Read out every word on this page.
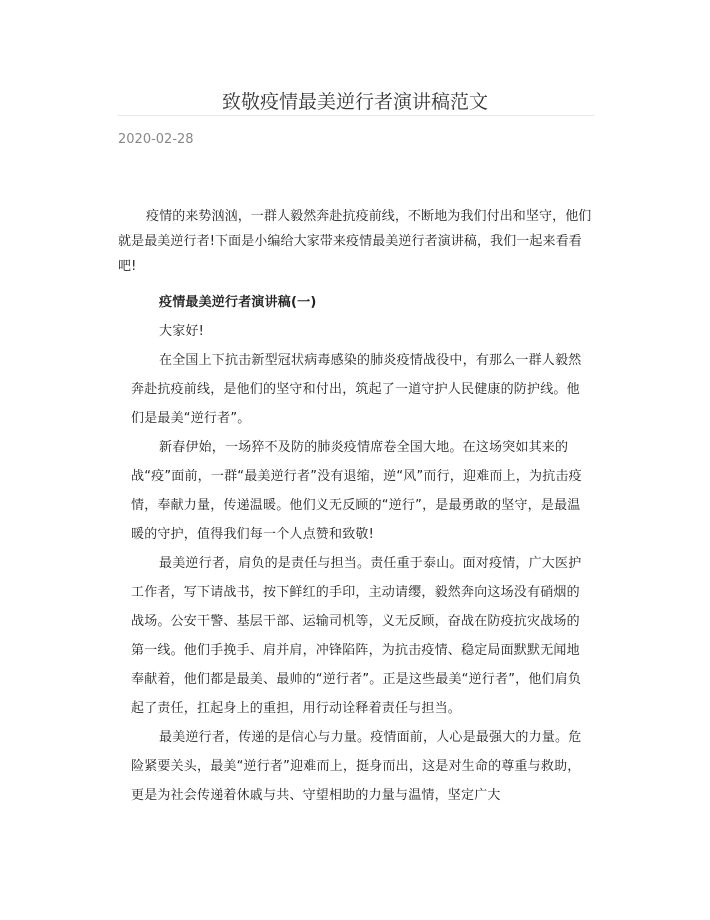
致敬疫情最美逆行者演讲稿范文
2020-02-28

疫情的来势汹汹，一群人毅然奔赴抗疫前线，不断地为我们付出和坚守，他们就是最美逆行者!下面是小编给大家带来疫情最美逆行者演讲稿，我们一起来看看吧!

疫情最美逆行者演讲稿(一)

大家好!

在全国上下抗击新型冠状病毒感染的肺炎疫情战役中，有那么一群人毅然奔赴抗疫前线，是他们的坚守和付出，筑起了一道守护人民健康的防护线。他们是最美“逆行者”。

新春伊始，一场猝不及防的肺炎疫情席卷全国大地。在这场突如其来的战“疫”面前，一群“最美逆行者”没有退缩，逆“风”而行，迎难而上，为抗击疫情，奉献力量，传递温暖。他们义无反顾的“逆行”，是最勇敢的坚守，是最温暖的守护，值得我们每一个人点赞和致敬!

最美逆行者，肩负的是责任与担当。责任重于泰山。面对疫情，广大医护工作者，写下请战书，按下鲜红的手印，主动请缨，毅然奔向这场没有硝烟的战场。公安干警、基层干部、运输司机等，义无反顾，奋战在防疫抗灾战场的第一线。他们手挽手、肩并肩，冲锋陷阵，为抗击疫情、稳定局面默默无闻地奉献着，他们都是最美、最帅的“逆行者”。正是这些最美“逆行者”，他们肩负起了责任，扛起身上的重担，用行动诠释着责任与担当。

最美逆行者，传递的是信心与力量。疫情面前，人心是最强大的力量。危险紧要关头，最美“逆行者”迎难而上，挺身而出，这是对生命的尊重与救助，更是为社会传递着休戚与共、守望相助的力量与温情，坚定广大
